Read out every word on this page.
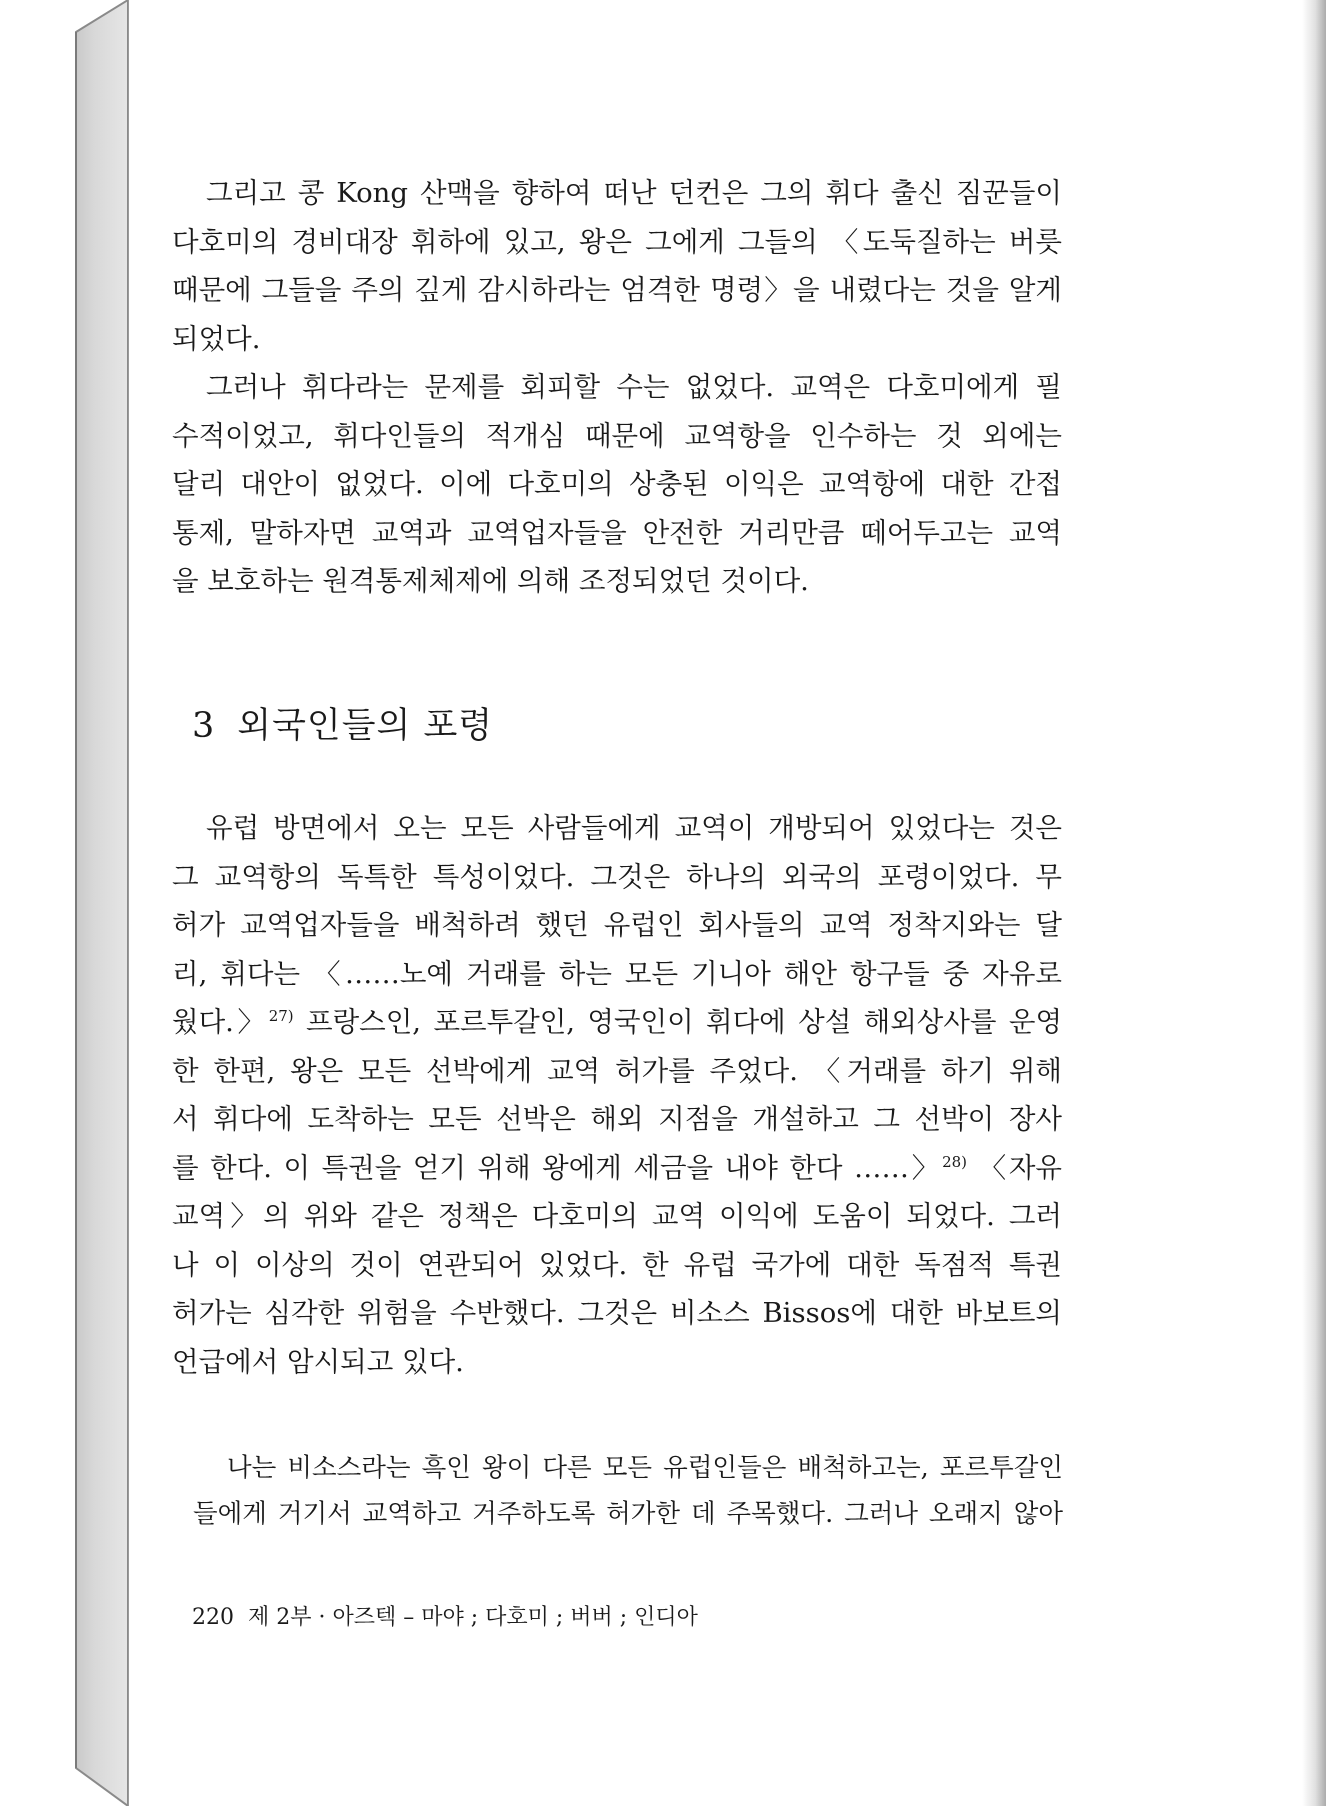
그리고 콩 Kong 산맥을 향하여 떠난 던컨은 그의 휘다 출신 짐꾼들이
다호미의 경비대장 휘하에 있고, 왕은 그에게 그들의 〈도둑질하는 버릇
때문에 그들을 주의 깊게 감시하라는 엄격한 명령〉을 내렸다는 것을 알게
되었다.

그러나 휘다라는 문제를 회피할 수는 없었다. 교역은 다호미에게 필
수적이었고, 휘다인들의 적개심 때문에 교역항을 인수하는 것 외에는
달리 대안이 없었다. 이에 다호미의 상충된 이익은 교역항에 대한 간접
통제, 말하자면 교역과 교역업자들을 안전한 거리만큼 떼어두고는 교역
을 보호하는 원격통제체제에 의해 조정되었던 것이다.

3 외국인들의 포령

유럽 방면에서 오는 모든 사람들에게 교역이 개방되어 있었다는 것은
그 교역항의 독특한 특성이었다. 그것은 하나의 외국의 포령이었다. 무
허가 교역업자들을 배척하려 했던 유럽인 회사들의 교역 정착지와는 달
리, 휘다는 〈……노예 거래를 하는 모든 기니아 해안 항구들 중 자유로
웠다.〉$^{27)}$ 프랑스인, 포르투갈인, 영국인이 휘다에 상설 해외상사를 운영
한 한편, 왕은 모든 선박에게 교역 허가를 주었다. 〈거래를 하기 위해
서 휘다에 도착하는 모든 선박은 해외 지점을 개설하고 그 선박이 장사
를 한다. 이 특권을 얻기 위해 왕에게 세금을 내야 한다 ……〉$^{28)}$ 〈자유
교역〉의 위와 같은 정책은 다호미의 교역 이익에 도움이 되었다. 그러
나 이 이상의 것이 연관되어 있었다. 한 유럽 국가에 대한 독점적 특권
허가는 심각한 위험을 수반했다. 그것은 비소스 Bissos에 대한 바보트의
언급에서 암시되고 있다.

나는 비소스라는 흑인 왕이 다른 모든 유럽인들은 배척하고는, 포르투갈인
들에게 거기서 교역하고 거주하도록 허가한 데 주목했다. 그러나 오래지 않아
220 제 2부 · 아즈텍 – 마야 ; 다호미 ; 버버 ; 인디아
